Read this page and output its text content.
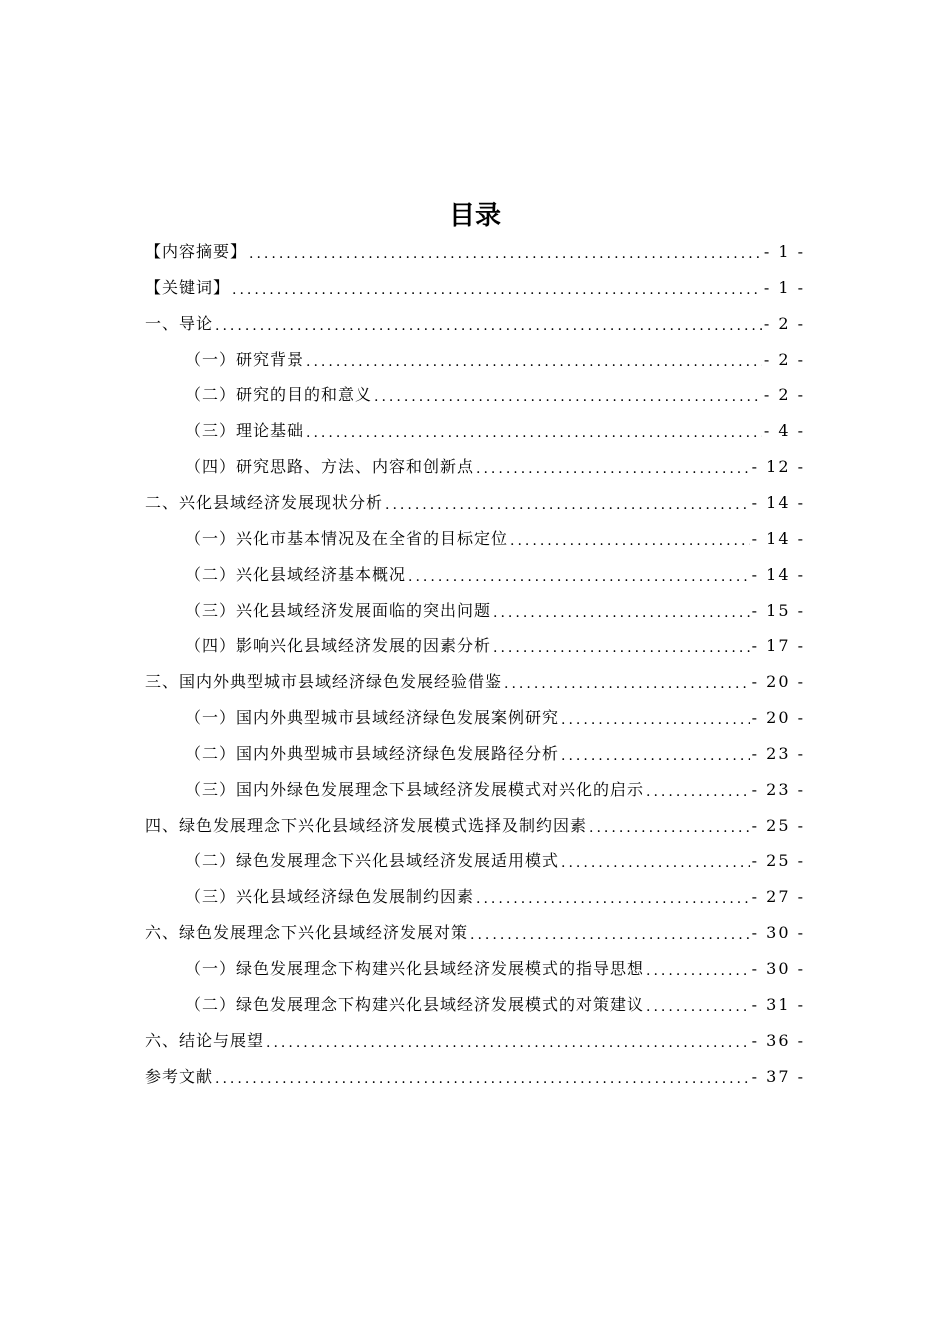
目录
【内容摘要】 .....	- 1 -
【关键词】 .....	- 1 -
一、导论 .....	- 2 -
（一）研究背景 .....	- 2 -
（二）研究的目的和意义 .....	- 2 -
（三）理论基础 .....	- 4 -
（四）研究思路、方法、内容和创新点 .....	- 12 -
二、兴化县域经济发展现状分析 .....	- 14 -
（一）兴化市基本情况及在全省的目标定位 .....	- 14 -
（二）兴化县域经济基本概况 .....	- 14 -
（三）兴化县域经济发展面临的突出问题 .....	- 15 -
（四）影响兴化县域经济发展的因素分析 .....	- 17 -
三、国内外典型城市县域经济绿色发展经验借鉴 .....	- 20 -
（一）国内外典型城市县域经济绿色发展案例研究 .....	- 20 -
（二）国内外典型城市县域经济绿色发展路径分析 .....	- 23 -
（三）国内外绿色发展理念下县域经济发展模式对兴化的启示 .....	- 23 -
四、绿色发展理念下兴化县域经济发展模式选择及制约因素 .....	- 25 -
（二）绿色发展理念下兴化县域经济发展适用模式 .....	- 25 -
（三）兴化县域经济绿色发展制约因素 .....	- 27 -
六、绿色发展理念下兴化县域经济发展对策 .....	- 30 -
（一）绿色发展理念下构建兴化县域经济发展模式的指导思想 .....	- 30 -
（二）绿色发展理念下构建兴化县域经济发展模式的对策建议 .....	- 31 -
六、结论与展望 .....	- 36 -
参考文献 .....	- 37 -
